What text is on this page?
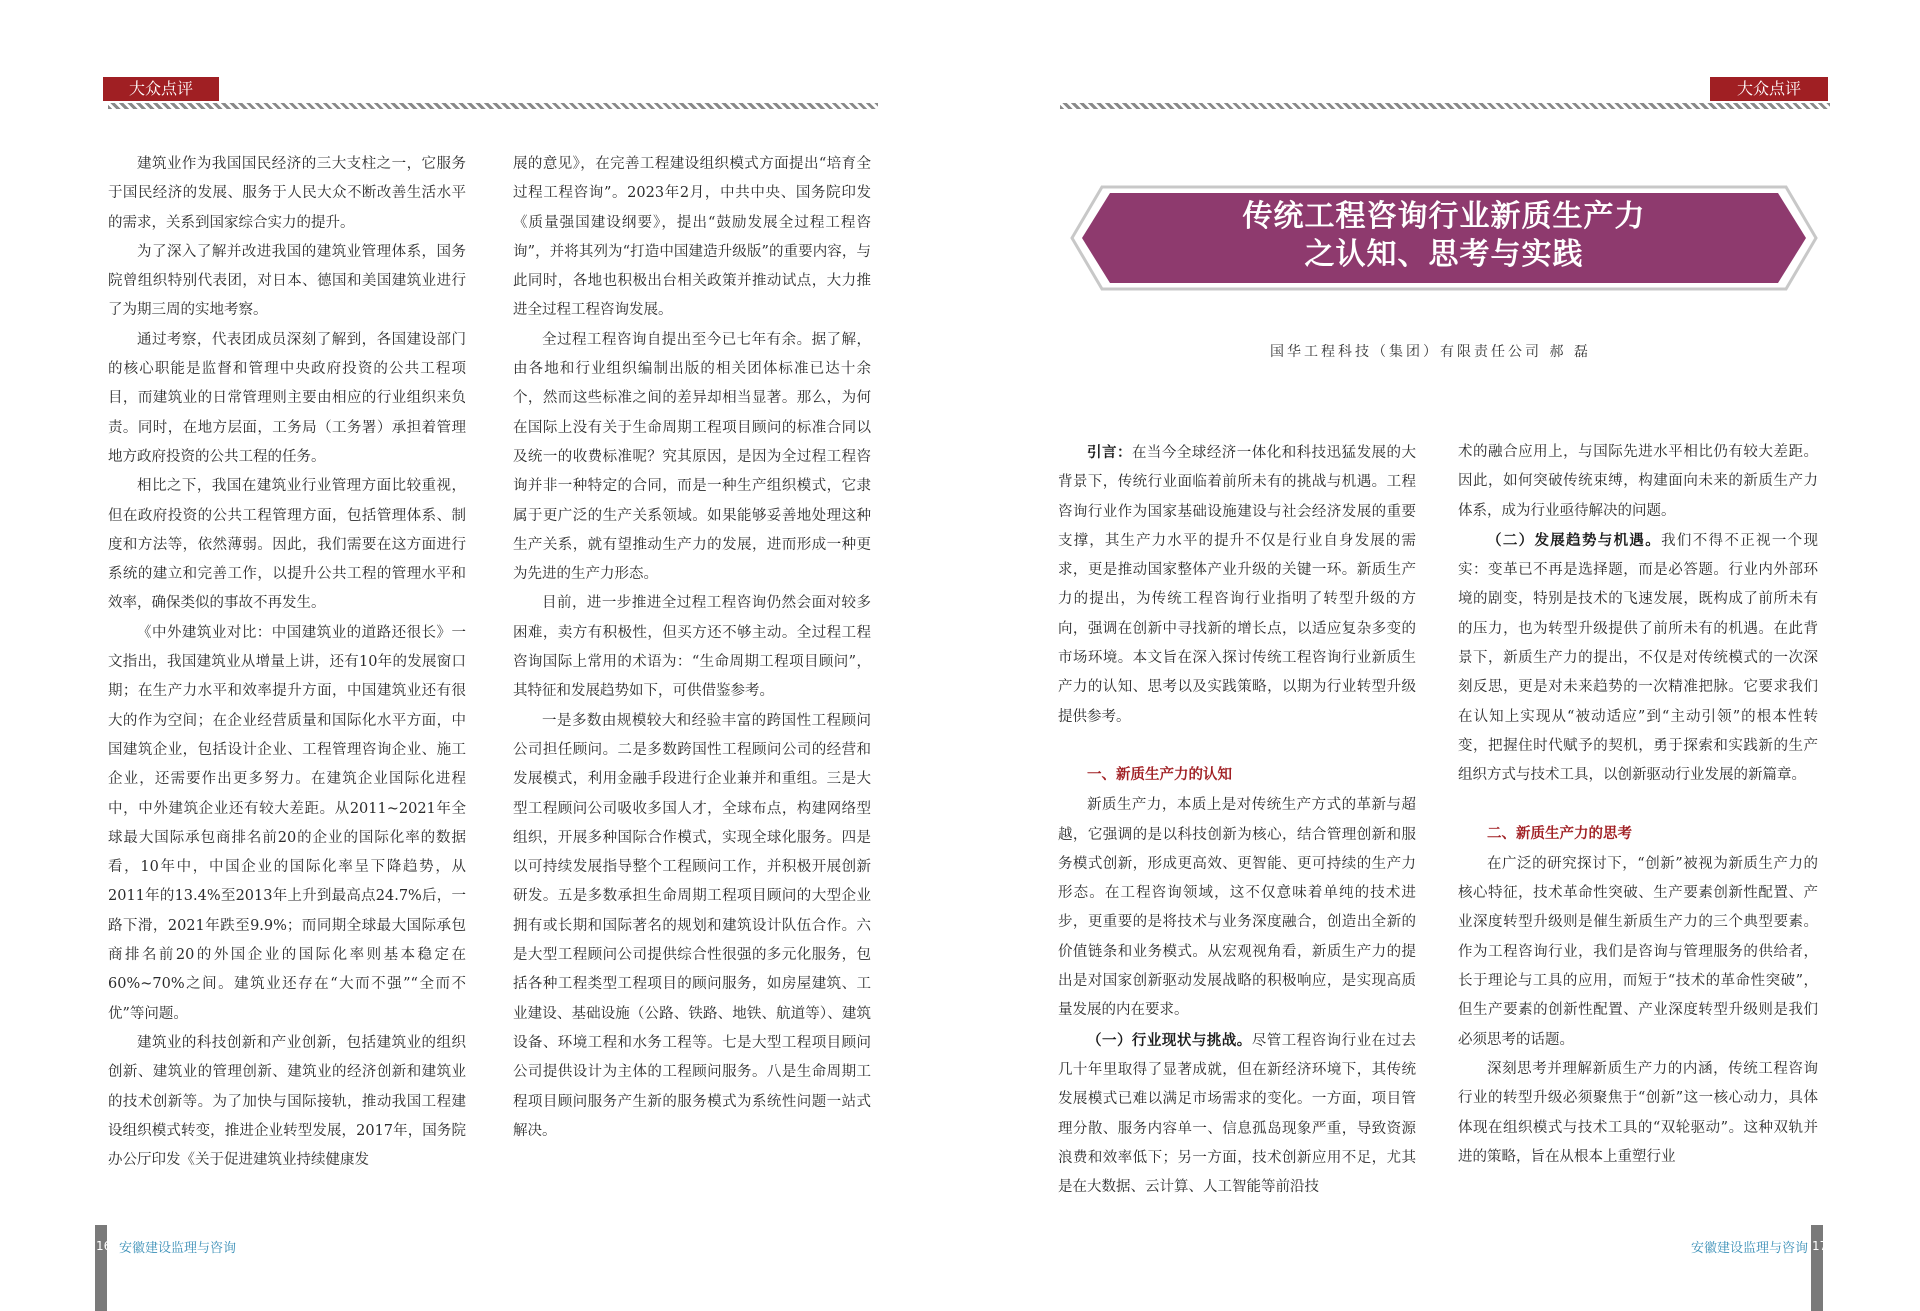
大众点评

建筑业作为我国国民经济的三大支柱之一，它服务于国民经济的发展、服务于人民大众不断改善生活水平的需求，关系到国家综合实力的提升。

为了深入了解并改进我国的建筑业管理体系，国务院曾组织特别代表团，对日本、德国和美国建筑业进行了为期三周的实地考察。

通过考察，代表团成员深刻了解到，各国建设部门的核心职能是监督和管理中央政府投资的公共工程项目，而建筑业的日常管理则主要由相应的行业组织来负责。同时，在地方层面，工务局（工务署）承担着管理地方政府投资的公共工程的任务。

相比之下，我国在建筑业行业管理方面比较重视，但在政府投资的公共工程管理方面，包括管理体系、制度和方法等，依然薄弱。因此，我们需要在这方面进行系统的建立和完善工作，以提升公共工程的管理水平和效率，确保类似的事故不再发生。

《中外建筑业对比：中国建筑业的道路还很长》一文指出，我国建筑业从增量上讲，还有10年的发展窗口期；在生产力水平和效率提升方面，中国建筑业还有很大的作为空间；在企业经营质量和国际化水平方面，中国建筑企业，包括设计企业、工程管理咨询企业、施工企业，还需要作出更多努力。在建筑企业国际化进程中，中外建筑企业还有较大差距。从2011~2021年全球最大国际承包商排名前20的企业的国际化率的数据看，10年中，中国企业的国际化率呈下降趋势，从2011年的13.4%至2013年上升到最高点24.7%后，一路下滑，2021年跌至9.9%；而同期全球最大国际承包商排名前20的外国企业的国际化率则基本稳定在60%~70%之间。建筑业还存在“大而不强”“全而不优”等问题。

建筑业的科技创新和产业创新，包括建筑业的组织创新、建筑业的管理创新、建筑业的经济创新和建筑业的技术创新等。为了加快与国际接轨，推动我国工程建设组织模式转变，推进企业转型发展，2017年，国务院办公厅印发《关于促进建筑业持续健康发

展的意见》，在完善工程建设组织模式方面提出“培育全过程工程咨询”。2023年2月，中共中央、国务院印发《质量强国建设纲要》，提出“鼓励发展全过程工程咨询”，并将其列为“打造中国建造升级版”的重要内容，与此同时，各地也积极出台相关政策并推动试点，大力推进全过程工程咨询发展。

全过程工程咨询自提出至今已七年有余。据了解，由各地和行业组织编制出版的相关团体标准已达十余个，然而这些标准之间的差异却相当显著。那么，为何在国际上没有关于生命周期工程项目顾问的标准合同以及统一的收费标准呢？究其原因，是因为全过程工程咨询并非一种特定的合同，而是一种生产组织模式，它隶属于更广泛的生产关系领域。如果能够妥善地处理这种生产关系，就有望推动生产力的发展，进而形成一种更为先进的生产力形态。

目前，进一步推进全过程工程咨询仍然会面对较多困难，卖方有积极性，但买方还不够主动。全过程工程咨询国际上常用的术语为：“生命周期工程项目顾问”，其特征和发展趋势如下，可供借鉴参考。

一是多数由规模较大和经验丰富的跨国性工程顾问公司担任顾问。二是多数跨国性工程顾问公司的经营和发展模式，利用金融手段进行企业兼并和重组。三是大型工程顾问公司吸收多国人才，全球布点，构建网络型组织，开展多种国际合作模式，实现全球化服务。四是以可持续发展指导整个工程顾问工作，并积极开展创新研发。五是多数承担生命周期工程项目顾问的大型企业拥有或长期和国际著名的规划和建筑设计队伍合作。六是大型工程顾问公司提供综合性很强的多元化服务，包括各种工程类型工程项目的顾问服务，如房屋建筑、工业建设、基础设施（公路、铁路、地铁、航道等）、建筑设备、环境工程和水务工程等。七是大型工程项目顾问公司提供设计为主体的工程顾问服务。八是生命周期工程项目顾问服务产生新的服务模式为系统性问题一站式解决。

16 安徽建设监理与咨询
大众点评
传统工程咨询行业新质生产力
之认知、思考与实践
国华工程科技（集团）有限责任公司 郝 磊

引言：在当今全球经济一体化和科技迅猛发展的大背景下，传统行业面临着前所未有的挑战与机遇。工程咨询行业作为国家基础设施建设与社会经济发展的重要支撑，其生产力水平的提升不仅是行业自身发展的需求，更是推动国家整体产业升级的关键一环。新质生产力的提出，为传统工程咨询行业指明了转型升级的方向，强调在创新中寻找新的增长点，以适应复杂多变的市场环境。本文旨在深入探讨传统工程咨询行业新质生产力的认知、思考以及实践策略，以期为行业转型升级提供参考。

一、新质生产力的认知

新质生产力，本质上是对传统生产方式的革新与超越，它强调的是以科技创新为核心，结合管理创新和服务模式创新，形成更高效、更智能、更可持续的生产力形态。在工程咨询领域，这不仅意味着单纯的技术进步，更重要的是将技术与业务深度融合，创造出全新的价值链条和业务模式。从宏观视角看，新质生产力的提出是对国家创新驱动发展战略的积极响应，是实现高质量发展的内在要求。

（一）行业现状与挑战。尽管工程咨询行业在过去几十年里取得了显著成就，但在新经济环境下，其传统发展模式已难以满足市场需求的变化。一方面，项目管理分散、服务内容单一、信息孤岛现象严重，导致资源浪费和效率低下；另一方面，技术创新应用不足，尤其是在大数据、云计算、人工智能等前沿技

术的融合应用上，与国际先进水平相比仍有较大差距。因此，如何突破传统束缚，构建面向未来的新质生产力体系，成为行业亟待解决的问题。

（二）发展趋势与机遇。我们不得不正视一个现实：变革已不再是选择题，而是必答题。行业内外部环境的剧变，特别是技术的飞速发展，既构成了前所未有的压力，也为转型升级提供了前所未有的机遇。在此背景下，新质生产力的提出，不仅是对传统模式的一次深刻反思，更是对未来趋势的一次精准把脉。它要求我们在认知上实现从“被动适应”到“主动引领”的根本性转变，把握住时代赋予的契机，勇于探索和实践新的生产组织方式与技术工具，以创新驱动行业发展的新篇章。

二、新质生产力的思考

在广泛的研究探讨下，“创新”被视为新质生产力的核心特征，技术革命性突破、生产要素创新性配置、产业深度转型升级则是催生新质生产力的三个典型要素。作为工程咨询行业，我们是咨询与管理服务的供给者，长于理论与工具的应用，而短于“技术的革命性突破”，但生产要素的创新性配置、产业深度转型升级则是我们必须思考的话题。

深刻思考并理解新质生产力的内涵，传统工程咨询行业的转型升级必须聚焦于“创新”这一核心动力，具体体现在组织模式与技术工具的“双轮驱动”。这种双轨并进的策略，旨在从根本上重塑行业

17
安徽建设监理与咨询
